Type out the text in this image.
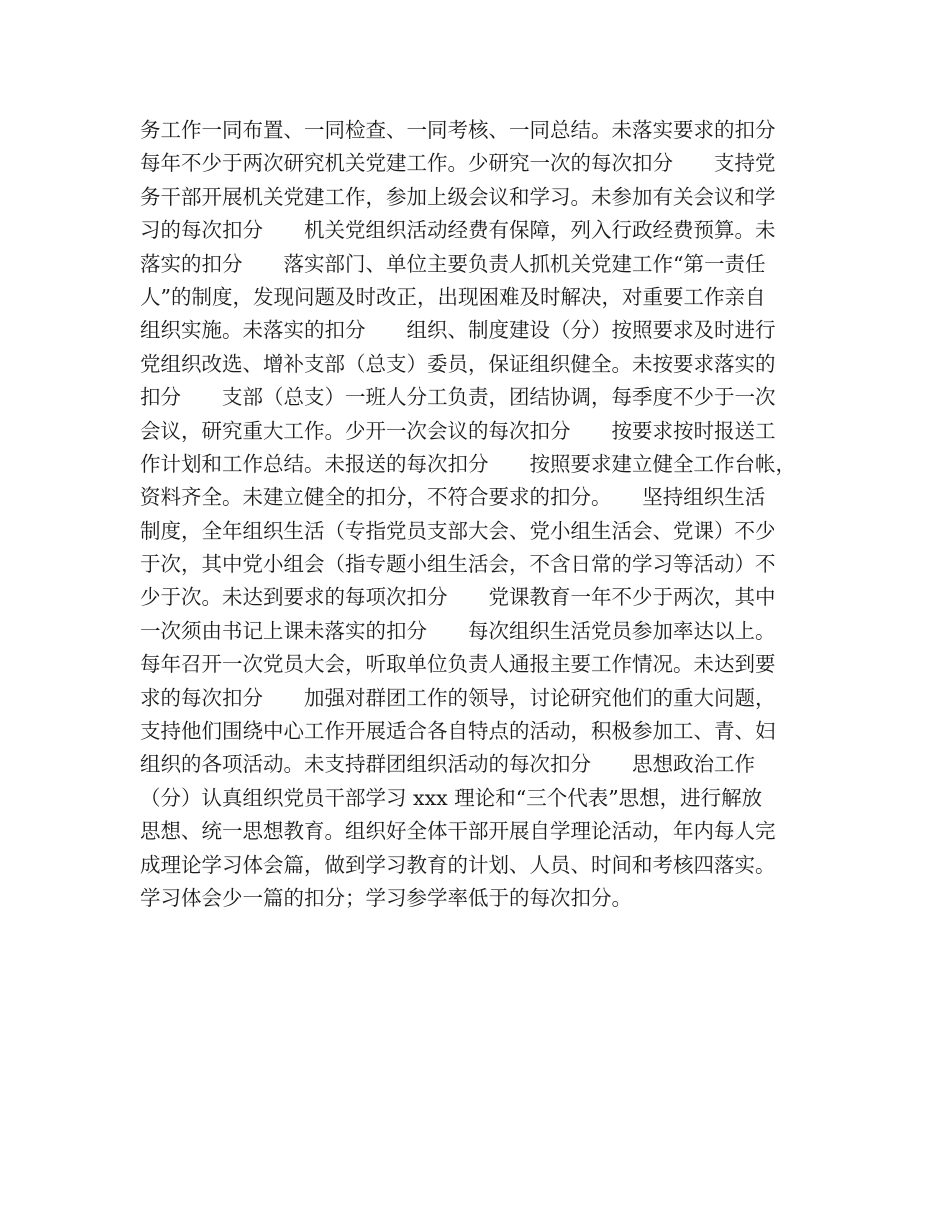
务工作一同布置、一同检查、一同考核、一同总结。未落实要求的扣分
每年不少于两次研究机关党建工作。少研究一次的每次扣分　　支持党
务干部开展机关党建工作，参加上级会议和学习。未参加有关会议和学
习的每次扣分　　机关党组织活动经费有保障，列入行政经费预算。未
落实的扣分　　落实部门、单位主要负责人抓机关党建工作“第一责任
人”的制度，发现问题及时改正，出现困难及时解决，对重要工作亲自
组织实施。未落实的扣分　　组织、制度建设（分）按照要求及时进行
党组织改选、增补支部（总支）委员，保证组织健全。未按要求落实的
扣分　　支部（总支）一班人分工负责，团结协调，每季度不少于一次
会议，研究重大工作。少开一次会议的每次扣分　　按要求按时报送工
作计划和工作总结。未报送的每次扣分　　按照要求建立健全工作台帐，
资料齐全。未建立健全的扣分，不符合要求的扣分。　　坚持组织生活
制度，全年组织生活（专指党员支部大会、党小组生活会、党课）不少
于次，其中党小组会（指专题小组生活会，不含日常的学习等活动）不
少于次。未达到要求的每项次扣分　　党课教育一年不少于两次，其中
一次须由书记上课未落实的扣分　　每次组织生活党员参加率达以上。
每年召开一次党员大会，听取单位负责人通报主要工作情况。未达到要
求的每次扣分　　加强对群团工作的领导，讨论研究他们的重大问题，
支持他们围绕中心工作开展适合各自特点的活动，积极参加工、青、妇
组织的各项活动。未支持群团组织活动的每次扣分　　思想政治工作
（分）认真组织党员干部学习 xxx 理论和“三个代表”思想，进行解放
思想、统一思想教育。组织好全体干部开展自学理论活动，年内每人完
成理论学习体会篇，做到学习教育的计划、人员、时间和考核四落实。
学习体会少一篇的扣分；学习参学率低于的每次扣分。
